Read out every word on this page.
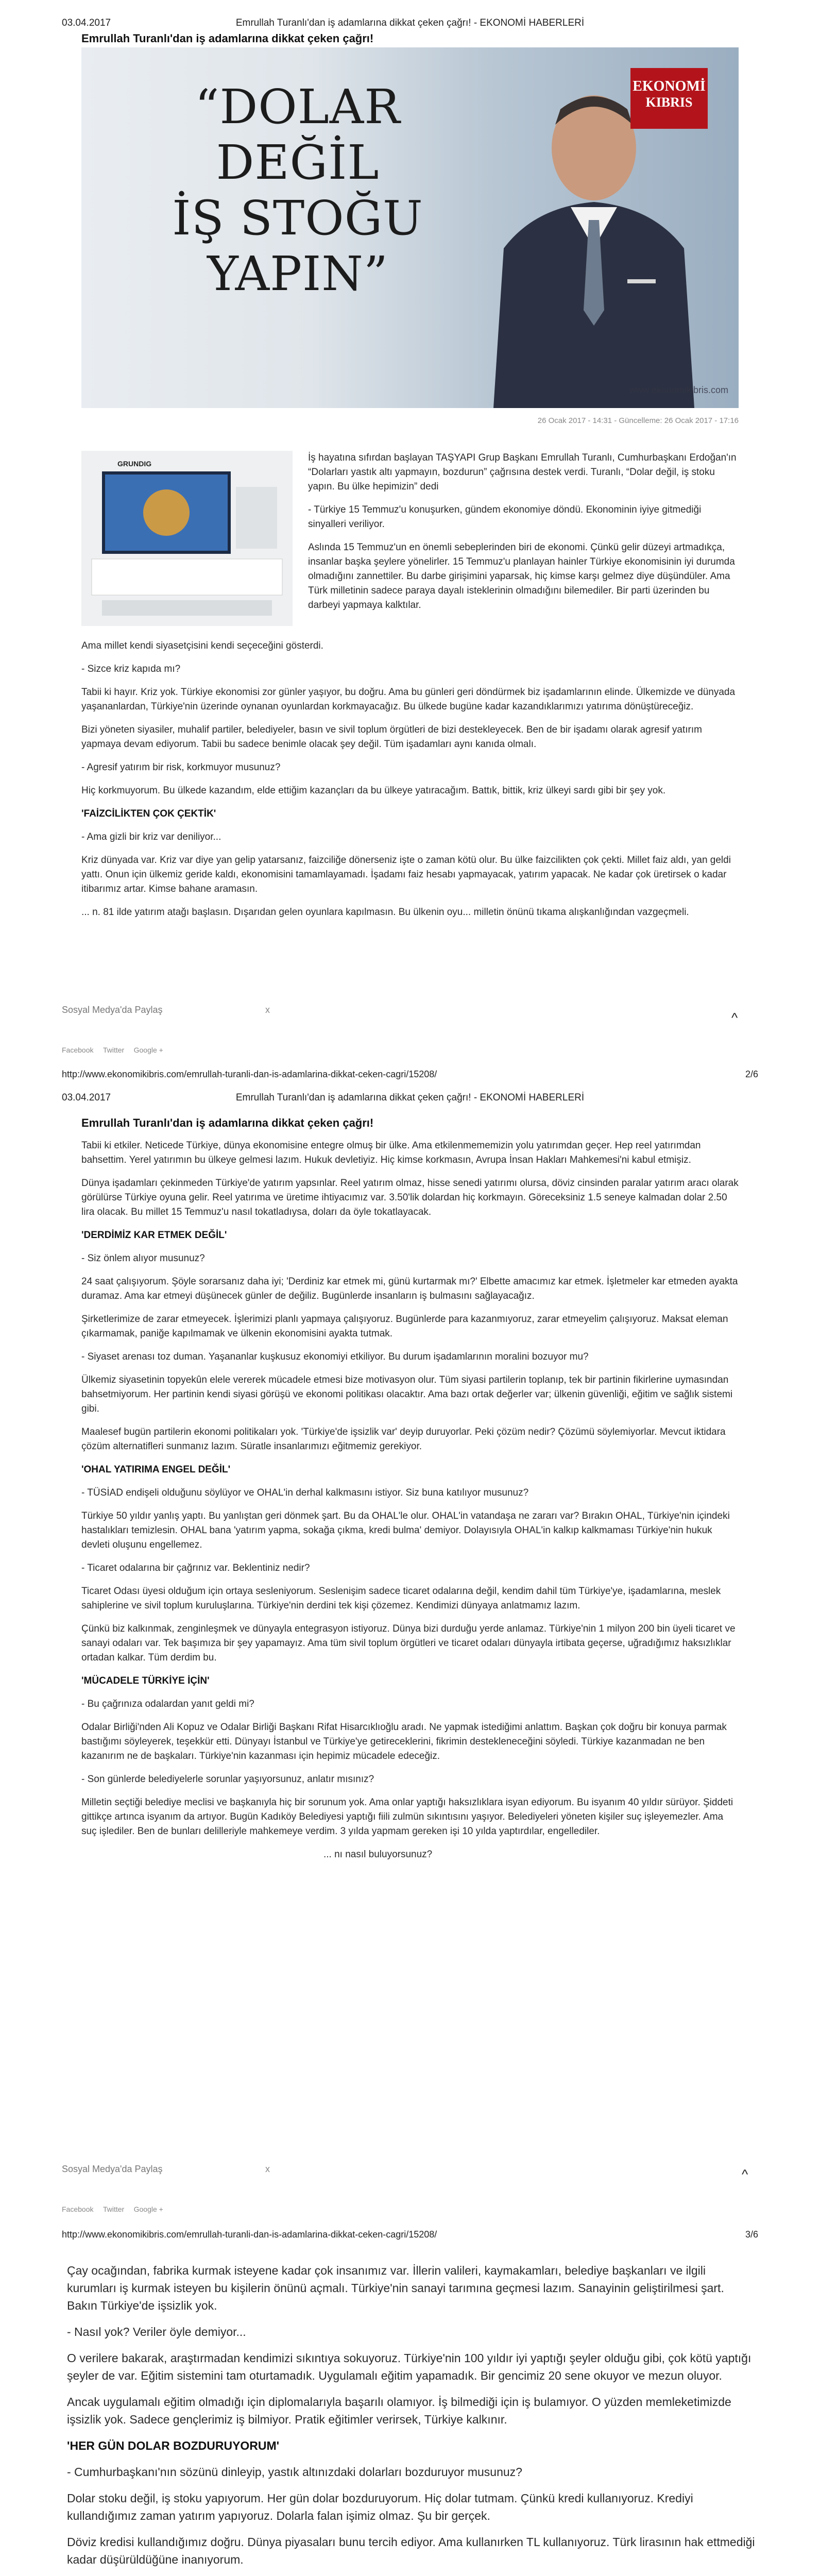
03.04.2017	Emrullah Turanlı'dan iş adamlarına dikkat çeken çağrı! - EKONOMİ HABERLERİ
Emrullah Turanlı'dan iş adamlarına dikkat çeken çağrı!
“DOLAR DEĞİL
İŞ STOĞU YAPIN”
EKONOMİ
KIBRIS
www.ekonomikibris.com
26 Ocak 2017 - 14:31 - Güncelleme: 26 Ocak 2017 - 17:16
GRUNDIG

İş hayatına sıfırdan başlayan TAŞYAPI Grup Başkanı Emrullah Turanlı, Cumhurbaşkanı Erdoğan'ın “Dolarları yastık altı yapmayın, bozdurun” çağrısına destek verdi. Turanlı, “Dolar değil, iş stoku yapın. Bu ülke hepimizin” dedi

- Türkiye 15 Temmuz'u konuşurken, gündem ekonomiye döndü. Ekonominin iyiye gitmediği sinyalleri veriliyor.

Aslında 15 Temmuz'un en önemli sebeplerinden biri de ekonomi. Çünkü gelir düzeyi artmadıkça, insanlar başka şeylere yönelirler. 15 Temmuz'u planlayan hainler Türkiye ekonomisinin iyi durumda olmadığını zannettiler. Bu darbe girişimini yaparsak, hiç kimse karşı gelmez diye düşündüler. Ama Türk milletinin sadece paraya dayalı isteklerinin olmadığını bilemediler. Bir parti üzerinden bu darbeyi yapmaya kalktılar.

Ama millet kendi siyasetçisini kendi seçeceğini gösterdi.

- Sizce kriz kapıda mı?

Tabii ki hayır. Kriz yok. Türkiye ekonomisi zor günler yaşıyor, bu doğru. Ama bu günleri geri döndürmek biz işadamlarının elinde. Ülkemizde ve dünyada yaşananlardan, Türkiye'nin üzerinde oynanan oyunlardan korkmayacağız. Bu ülkede bugüne kadar kazandıklarımızı yatırıma dönüştüreceğiz.

Bizi yöneten siyasiler, muhalif partiler, belediyeler, basın ve sivil toplum örgütleri de bizi destekleyecek. Ben de bir işadamı olarak agresif yatırım yapmaya devam ediyorum. Tabii bu sadece benimle olacak şey değil. Tüm işadamları aynı kanıda olmalı.

- Agresif yatırım bir risk, korkmuyor musunuz?

Hiç korkmuyorum. Bu ülkede kazandım, elde ettiğim kazançları da bu ülkeye yatıracağım. Battık, bittik, kriz ülkeyi sardı gibi bir şey yok.

'FAİZCİLİKTEN ÇOK ÇEKTİK'

- Ama gizli bir kriz var deniliyor...

Kriz dünyada var. Kriz var diye yan gelip yatarsanız, faizciliğe dönerseniz işte o zaman kötü olur. Bu ülke faizcilikten çok çekti. Millet faiz aldı, yan geldi yattı. Onun için ülkemiz geride kaldı, ekonomisini tamamlayamadı. İşadamı faiz hesabı yapmayacak, yatırım yapacak. Ne kadar çok üretirsek o kadar itibarımız artar. Kimse bahane aramasın.

... n. 81 ilde yatırım atağı başlasın. Dışarıdan gelen oyunlara kapılmasın. Bu ülkenin oyu... milletin önünü tıkama alışkanlığından vazgeçmeli.

Sosyal Medya'da Paylaş	x
Facebook Twitter Google +
^
http://www.ekonomikibris.com/emrullah-turanli-dan-is-adamlarina-dikkat-ceken-cagri/15208/	2/6
03.04.2017	Emrullah Turanlı'dan iş adamlarına dikkat çeken çağrı! - EKONOMİ HABERLERİ
Emrullah Turanlı'dan iş adamlarına dikkat çeken çağrı!

Tabii ki etkiler. Neticede Türkiye, dünya ekonomisine entegre olmuş bir ülke. Ama etkilenmememizin yolu yatırımdan geçer. Hep reel yatırımdan bahsettim. Yerel yatırımın bu ülkeye gelmesi lazım. Hukuk devletiyiz. Hiç kimse korkmasın, Avrupa İnsan Hakları Mahkemesi'ni kabul etmişiz.

Dünya işadamları çekinmeden Türkiye'de yatırım yapsınlar. Reel yatırım olmaz, hisse senedi yatırımı olursa, döviz cinsinden paralar yatırım aracı olarak görülürse Türkiye oyuna gelir. Reel yatırıma ve üretime ihtiyacımız var. 3.50'lik dolardan hiç korkmayın. Göreceksiniz 1.5 seneye kalmadan dolar 2.50 lira olacak. Bu millet 15 Temmuz'u nasıl tokatladıysa, doları da öyle tokatlayacak.

'DERDİMİZ KAR ETMEK DEĞİL'

- Siz önlem alıyor musunuz?

24 saat çalışıyorum. Şöyle sorarsanız daha iyi; 'Derdiniz kar etmek mi, günü kurtarmak mı?' Elbette amacımız kar etmek. İşletmeler kar etmeden ayakta duramaz. Ama kar etmeyi düşünecek günler de değiliz. Bugünlerde insanların iş bulmasını sağlayacağız.

Şirketlerimize de zarar etmeyecek. İşlerimizi planlı yapmaya çalışıyoruz. Bugünlerde para kazanmıyoruz, zarar etmeyelim çalışıyoruz. Maksat eleman çıkarmamak, paniğe kapılmamak ve ülkenin ekonomisini ayakta tutmak.

- Siyaset arenası toz duman. Yaşananlar kuşkusuz ekonomiyi etkiliyor. Bu durum işadamlarının moralini bozuyor mu?

Ülkemiz siyasetinin topyekûn elele vererek mücadele etmesi bize motivasyon olur. Tüm siyasi partilerin toplanıp, tek bir partinin fikirlerine uymasından bahsetmiyorum. Her partinin kendi siyasi görüşü ve ekonomi politikası olacaktır. Ama bazı ortak değerler var; ülkenin güvenliği, eğitim ve sağlık sistemi gibi.

Maalesef bugün partilerin ekonomi politikaları yok. 'Türkiye'de işsizlik var' deyip duruyorlar. Peki çözüm nedir? Çözümü söylemiyorlar. Mevcut iktidara çözüm alternatifleri sunmanız lazım. Süratle insanlarımızı eğitmemiz gerekiyor.

'OHAL YATIRIMA ENGEL DEĞİL'

- TÜSİAD endişeli olduğunu söylüyor ve OHAL'in derhal kalkmasını istiyor. Siz buna katılıyor musunuz?

Türkiye 50 yıldır yanlış yaptı. Bu yanlıştan geri dönmek şart. Bu da OHAL'le olur. OHAL'in vatandaşa ne zararı var? Bırakın OHAL, Türkiye'nin içindeki hastalıkları temizlesin. OHAL bana 'yatırım yapma, sokağa çıkma, kredi bulma' demiyor. Dolayısıyla OHAL'in kalkıp kalkmaması Türkiye'nin hukuk devleti oluşunu engellemez.

- Ticaret odalarına bir çağrınız var. Beklentiniz nedir?

Ticaret Odası üyesi olduğum için ortaya sesleniyorum. Seslenişim sadece ticaret odalarına değil, kendim dahil tüm Türkiye'ye, işadamlarına, meslek sahiplerine ve sivil toplum kuruluşlarına. Türkiye'nin derdini tek kişi çözemez. Kendimizi dünyaya anlatmamız lazım.

Çünkü biz kalkınmak, zenginleşmek ve dünyayla entegrasyon istiyoruz. Dünya bizi durduğu yerde anlamaz. Türkiye'nin 1 milyon 200 bin üyeli ticaret ve sanayi odaları var. Tek başımıza bir şey yapamayız. Ama tüm sivil toplum örgütleri ve ticaret odaları dünyayla irtibata geçerse, uğradığımız haksızlıklar ortadan kalkar. Tüm derdim bu.

'MÜCADELE TÜRKİYE İÇİN'

- Bu çağrınıza odalardan yanıt geldi mi?

Odalar Birliği'nden Ali Kopuz ve Odalar Birliği Başkanı Rifat Hisarcıklıoğlu aradı. Ne yapmak istediğimi anlattım. Başkan çok doğru bir konuya parmak bastığımı söyleyerek, teşekkür etti. Dünyayı İstanbul ve Türkiye'ye getireceklerini, fikrimin destekleneceğini söyledi. Türkiye kazanmadan ne ben kazanırım ne de başkaları. Türkiye'nin kazanması için hepimiz mücadele edeceğiz.

- Son günlerde belediyelerle sorunlar yaşıyorsunuz, anlatır mısınız?

Milletin seçtiği belediye meclisi ve başkanıyla hiç bir sorunum yok. Ama onlar yaptığı haksızlıklara isyan ediyorum. Bu isyanım 40 yıldır sürüyor. Şiddeti gittikçe artınca isyanım da artıyor. Bugün Kadıköy Belediyesi yaptığı fiili zulmün sıkıntısını yaşıyor. Belediyeleri yöneten kişiler suç işleyemezler. Ama suç işlediler. Ben de bunları delilleriyle mahkemeye verdim. 3 yılda yapmam gereken işi 10 yılda yaptırdılar, engellediler.

... nı nasıl buluyorsunuz?

Sosyal Medya'da Paylaş	x
Facebook Twitter Google +
^
http://www.ekonomikibris.com/emrullah-turanli-dan-is-adamlarina-dikkat-ceken-cagri/15208/	3/6

Çay ocağından, fabrika kurmak isteyene kadar çok insanımız var. İllerin valileri, kaymakamları, belediye başkanları ve ilgili kurumları iş kurmak isteyen bu kişilerin önünü açmalı. Türkiye'nin sanayi tarımına geçmesi lazım. Sanayinin geliştirilmesi şart. Bakın Türkiye'de işsizlik yok.

- Nasıl yok? Veriler öyle demiyor...

O verilere bakarak, araştırmadan kendimizi sıkıntıya sokuyoruz. Türkiye'nin 100 yıldır iyi yaptığı şeyler olduğu gibi, çok kötü yaptığı şeyler de var. Eğitim sistemini tam oturtamadık. Uygulamalı eğitim yapamadık. Bir gencimiz 20 sene okuyor ve mezun oluyor.

Ancak uygulamalı eğitim olmadığı için diplomalarıyla başarılı olamıyor. İş bilmediği için iş bulamıyor. O yüzden memleketimizde işsizlik yok. Sadece gençlerimiz iş bilmiyor. Pratik eğitimler verirsek, Türkiye kalkınır.

'HER GÜN DOLAR BOZDURUYORUM'

- Cumhurbaşkanı'nın sözünü dinleyip, yastık altınızdaki dolarları bozduruyor musunuz?

Dolar stoku değil, iş stoku yapıyorum. Her gün dolar bozduruyorum. Hiç dolar tutmam. Çünkü kredi kullanıyoruz. Krediyi kullandığımız zaman yatırım yapıyoruz. Dolarla falan işimiz olmaz. Şu bir gerçek.

Döviz kredisi kullandığımız doğru. Dünya piyasaları bunu tercih ediyor. Ama kullanırken TL kullanıyoruz. Türk lirasının hak ettmediği kadar düşürüldüğüne inanıyorum.
